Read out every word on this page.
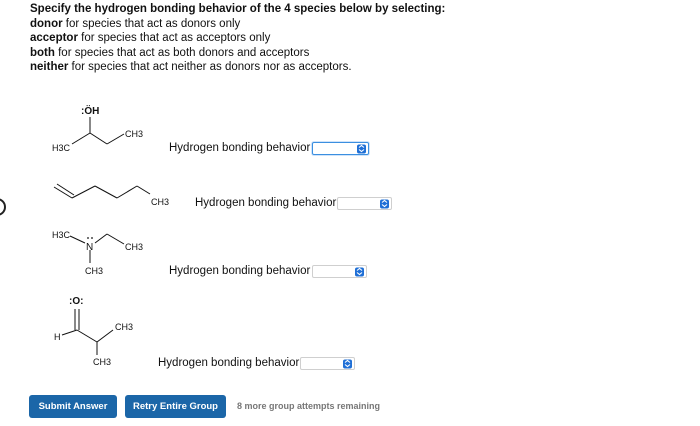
Specify the hydrogen bonding behavior of the 4 species below by selecting:
donor for species that act as donors only
acceptor for species that act as acceptors only
both for species that act as both donors and acceptors
neither for species that act neither as donors nor as acceptors.
:ÖH
H3C
CH3
CH3
H3C
N	CH3
CH3
:O:
H
CH3
CH3
Hydrogen bonding behavior
Hydrogen bonding behavior
Hydrogen bonding behavior
Hydrogen bonding behavior
Submit Answer	Retry Entire Group	8 more group attempts remaining
